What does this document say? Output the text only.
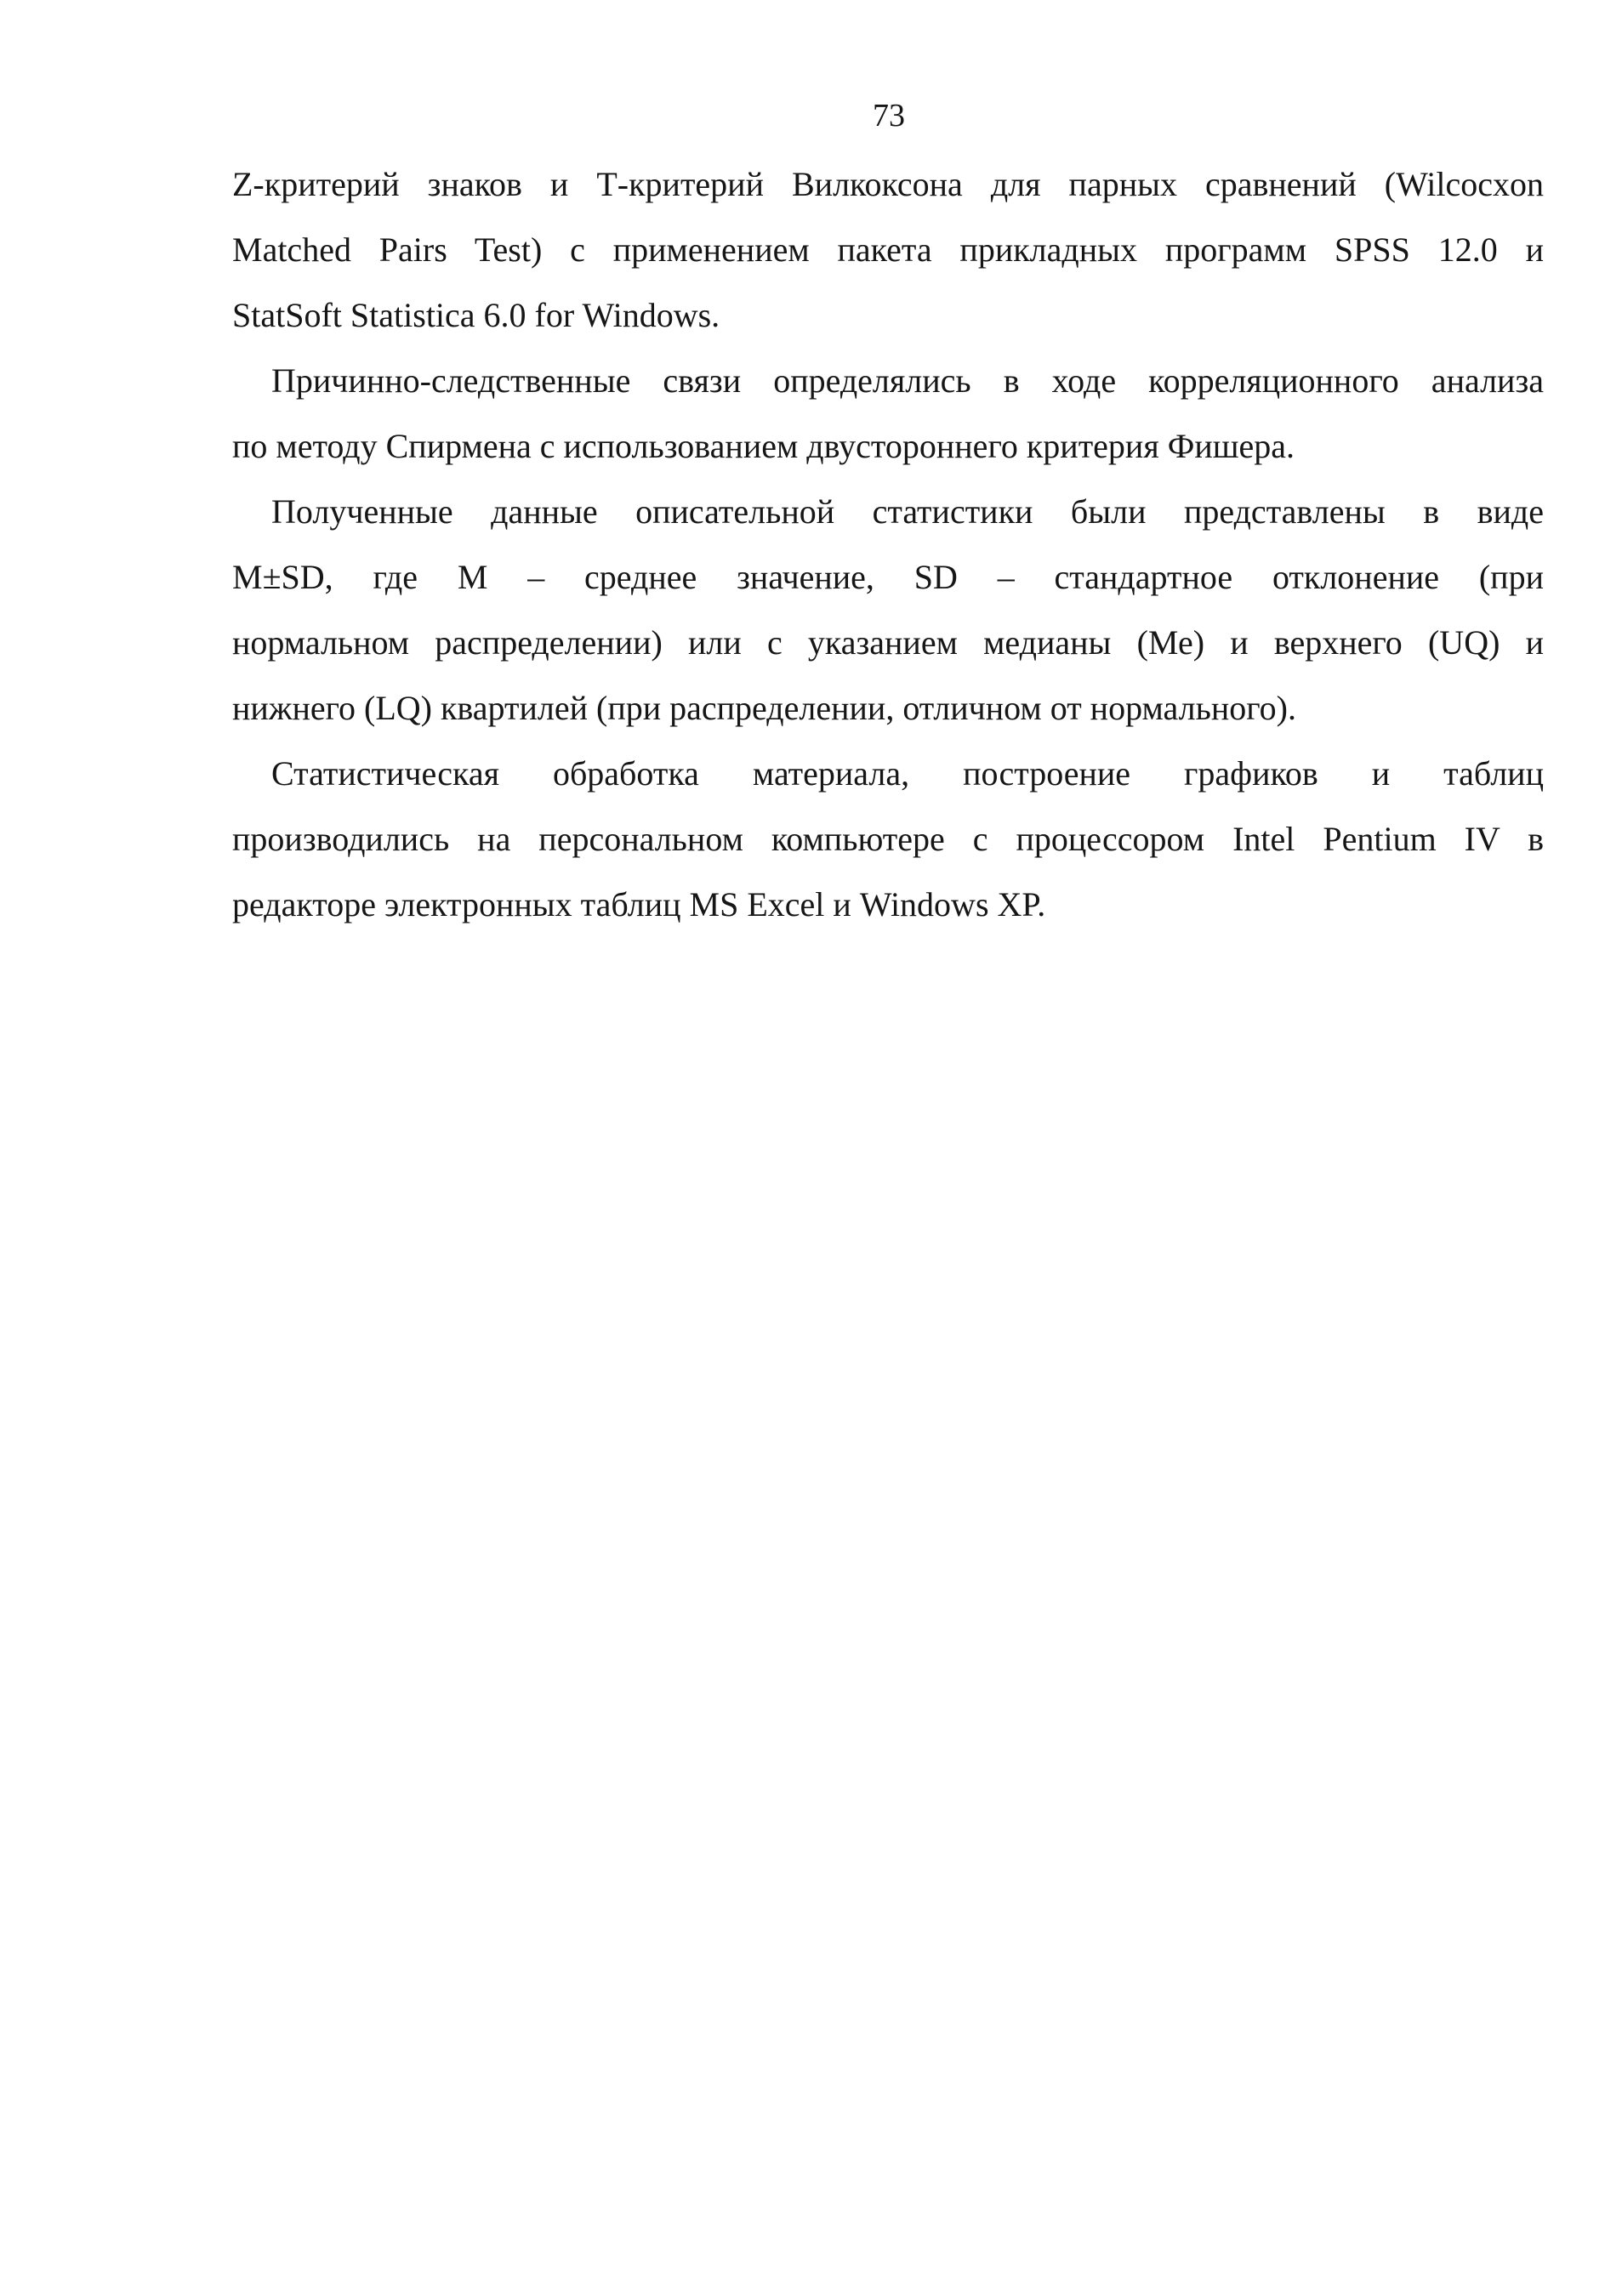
73

Z-критерий знаков и Т-критерий Вилкоксона для парных сравнений (Wilcocxon

Matched Pairs Test) с применением пакета прикладных программ SPSS 12.0 и

StatSoft Statistica 6.0 for Windows.

Причинно-следственные связи определялись в ходе корреляционного анализа

по методу Спирмена с использованием двустороннего критерия Фишера.

Полученные данные описательной статистики были представлены в виде

M±SD, где M – среднее значение, SD – стандартное отклонение (при

нормальном распределении) или с указанием медианы (Ме) и верхнего (UQ) и

нижнего (LQ) квартилей (при распределении, отличном от нормального).

Статистическая обработка материала, построение графиков и таблиц

производились на персональном компьютере с процессором Intel Pentium IV в

редакторе электронных таблиц MS Excel и Windows XP.
